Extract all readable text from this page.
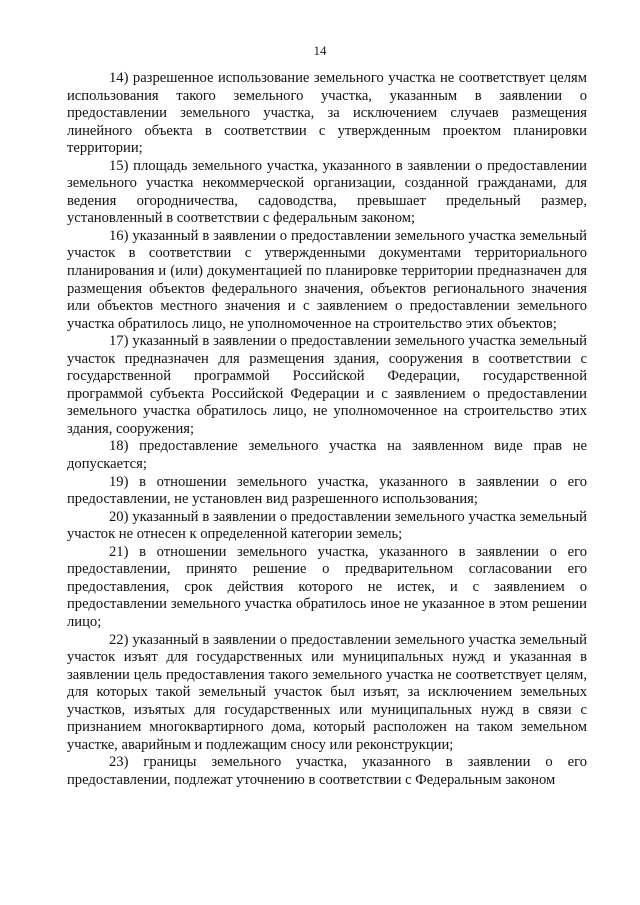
14

14) разрешенное использование земельного участка не соответствует целям использования такого земельного участка, указанным в заявлении о предоставлении земельного участка, за исключением случаев размещения линейного объекта в соответствии с утвержденным проектом планировки территории;

15) площадь земельного участка, указанного в заявлении о предоставлении земельного участка некоммерческой организации, созданной гражданами, для ведения огородничества, садоводства, превышает предельный размер, установленный в соответствии с федеральным законом;

16) указанный в заявлении о предоставлении земельного участка земельный участок в соответствии с утвержденными документами территориального планирования и (или) документацией по планировке территории предназначен для размещения объектов федерального значения, объектов регионального значения или объектов местного значения и с заявлением о предоставлении земельного участка обратилось лицо, не уполномоченное на строительство этих объектов;

17) указанный в заявлении о предоставлении земельного участка земельный участок предназначен для размещения здания, сооружения в соответствии с государственной программой Российской Федерации, государственной программой субъекта Российской Федерации и с заявлением о предоставлении земельного участка обратилось лицо, не уполномоченное на строительство этих здания, сооружения;

18) предоставление земельного участка на заявленном виде прав не допускается;

19) в отношении земельного участка, указанного в заявлении о его предоставлении, не установлен вид разрешенного использования;

20) указанный в заявлении о предоставлении земельного участка земельный участок не отнесен к определенной категории земель;

21) в отношении земельного участка, указанного в заявлении о его предоставлении, принято решение о предварительном согласовании его предоставления, срок действия которого не истек, и с заявлением о предоставлении земельного участка обратилось иное не указанное в этом решении лицо;

22) указанный в заявлении о предоставлении земельного участка земельный участок изъят для государственных или муниципальных нужд и указанная в заявлении цель предоставления такого земельного участка не соответствует целям, для которых такой земельный участок был изъят, за исключением земельных участков, изъятых для государственных или муниципальных нужд в связи с признанием многоквартирного дома, который расположен на таком земельном участке, аварийным и подлежащим сносу или реконструкции;

23) границы земельного участка, указанного в заявлении о его предоставлении, подлежат уточнению в соответствии с Федеральным законом
